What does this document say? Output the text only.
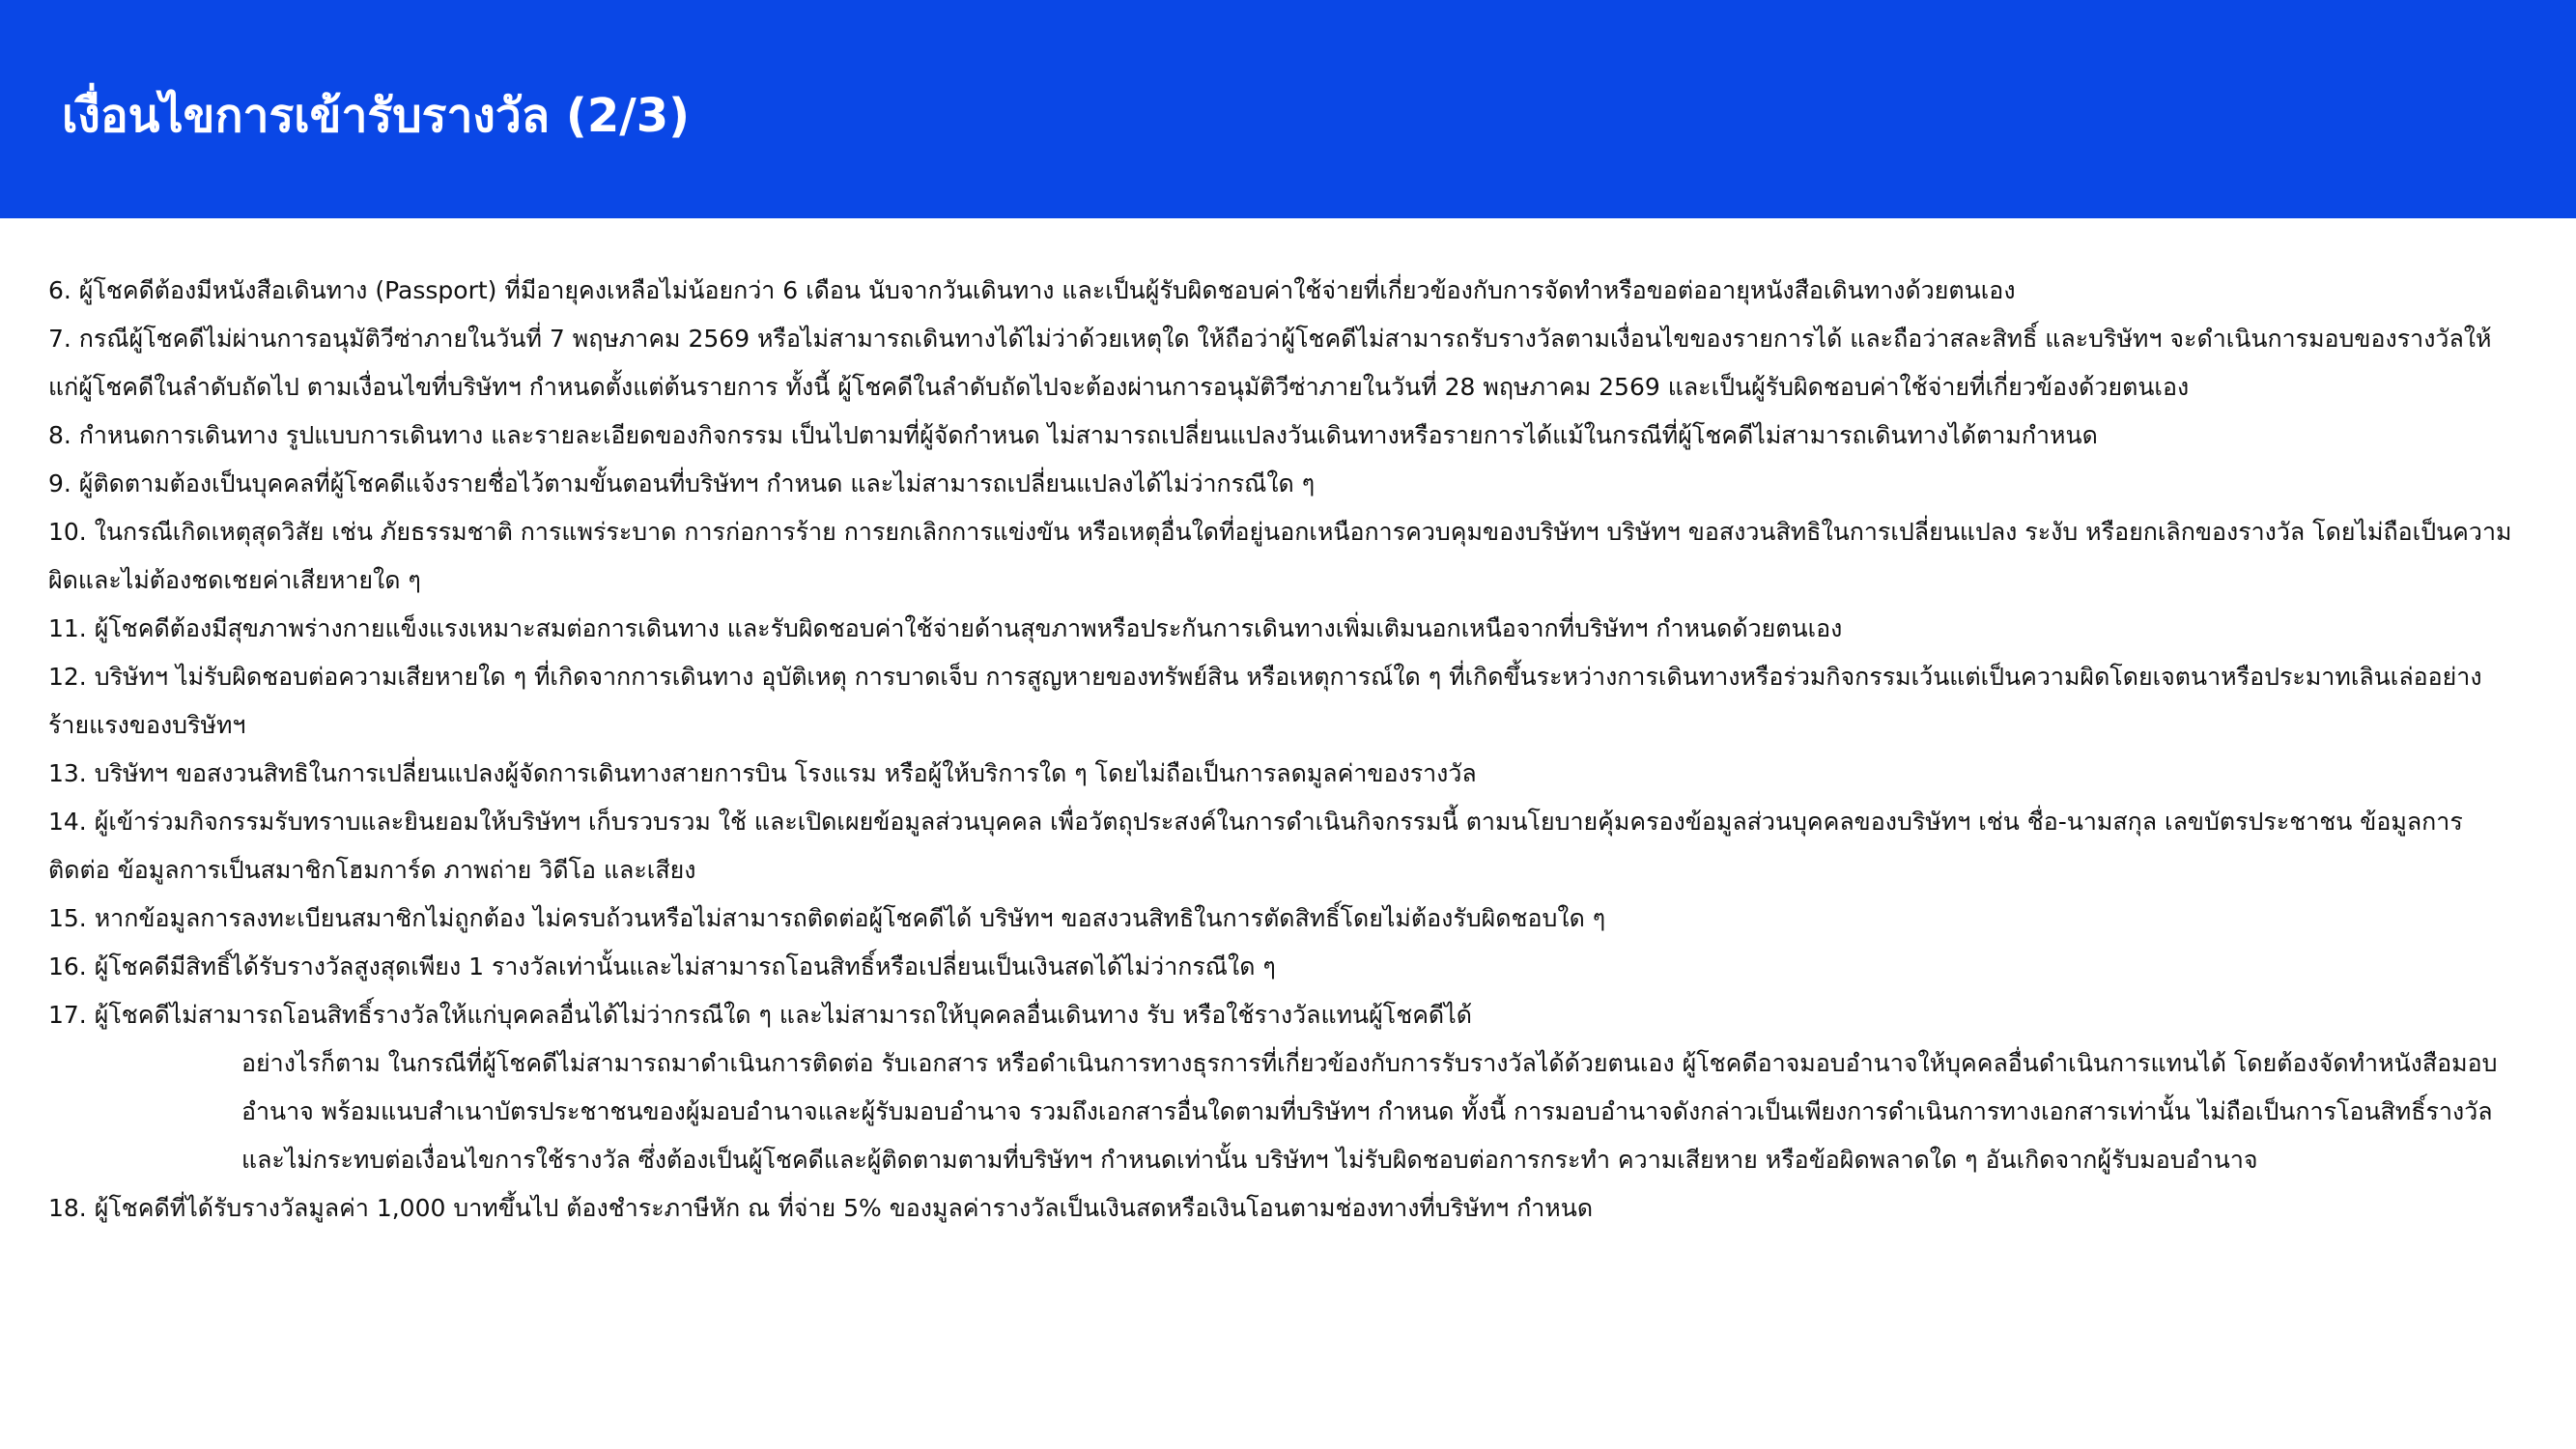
เงื่อนไขการเข้ารับรางวัล (2/3)

6. ผู้โชคดีต้องมีหนังสือเดินทาง (Passport) ที่มีอายุคงเหลือไม่น้อยกว่า 6 เดือน นับจากวันเดินทาง และเป็นผู้รับผิดชอบค่าใช้จ่ายที่เกี่ยวข้องกับการจัดทำหรือขอต่ออายุหนังสือเดินทางด้วยตนเอง

7. กรณีผู้โชคดีไม่ผ่านการอนุมัติวีซ่าภายในวันที่ 7 พฤษภาคม 2569 หรือไม่สามารถเดินทางได้ไม่ว่าด้วยเหตุใด ให้ถือว่าผู้โชคดีไม่สามารถรับรางวัลตามเงื่อนไขของรายการได้ และถือว่าสละสิทธิ์ และบริษัทฯ จะดำเนินการมอบของรางวัลให้แก่ผู้โชคดีในลำดับถัดไป ตามเงื่อนไขที่บริษัทฯ กำหนดตั้งแต่ต้นรายการ ทั้งนี้ ผู้โชคดีในลำดับถัดไปจะต้องผ่านการอนุมัติวีซ่าภายในวันที่ 28 พฤษภาคม 2569 และเป็นผู้รับผิดชอบค่าใช้จ่ายที่เกี่ยวข้องด้วยตนเอง

8. กำหนดการเดินทาง รูปแบบการเดินทาง และรายละเอียดของกิจกรรม เป็นไปตามที่ผู้จัดกำหนด ไม่สามารถเปลี่ยนแปลงวันเดินทางหรือรายการได้แม้ในกรณีที่ผู้โชคดีไม่สามารถเดินทางได้ตามกำหนด

9. ผู้ติดตามต้องเป็นบุคคลที่ผู้โชคดีแจ้งรายชื่อไว้ตามขั้นตอนที่บริษัทฯ กำหนด และไม่สามารถเปลี่ยนแปลงได้ไม่ว่ากรณีใด ๆ

10. ในกรณีเกิดเหตุสุดวิสัย เช่น ภัยธรรมชาติ การแพร่ระบาด การก่อการร้าย การยกเลิกการแข่งขัน หรือเหตุอื่นใดที่อยู่นอกเหนือการควบคุมของบริษัทฯ บริษัทฯ ขอสงวนสิทธิในการเปลี่ยนแปลง ระงับ หรือยกเลิกของรางวัล โดยไม่ถือเป็นความผิดและไม่ต้องชดเชยค่าเสียหายใด ๆ

11. ผู้โชคดีต้องมีสุขภาพร่างกายแข็งแรงเหมาะสมต่อการเดินทาง และรับผิดชอบค่าใช้จ่ายด้านสุขภาพหรือประกันการเดินทางเพิ่มเติมนอกเหนือจากที่บริษัทฯ กำหนดด้วยตนเอง

12. บริษัทฯ ไม่รับผิดชอบต่อความเสียหายใด ๆ ที่เกิดจากการเดินทาง อุบัติเหตุ การบาดเจ็บ การสูญหายของทรัพย์สิน หรือเหตุการณ์ใด ๆ ที่เกิดขึ้นระหว่างการเดินทางหรือร่วมกิจกรรมเว้นแต่เป็นความผิดโดยเจตนาหรือประมาทเลินเล่ออย่างร้ายแรงของบริษัทฯ

13. บริษัทฯ ขอสงวนสิทธิในการเปลี่ยนแปลงผู้จัดการเดินทางสายการบิน โรงแรม หรือผู้ให้บริการใด ๆ โดยไม่ถือเป็นการลดมูลค่าของรางวัล

14. ผู้เข้าร่วมกิจกรรมรับทราบและยินยอมให้บริษัทฯ เก็บรวบรวม ใช้ และเปิดเผยข้อมูลส่วนบุคคล เพื่อวัตถุประสงค์ในการดำเนินกิจกรรมนี้ ตามนโยบายคุ้มครองข้อมูลส่วนบุคคลของบริษัทฯ เช่น ชื่อ-นามสกุล เลขบัตรประชาชน ข้อมูลการติดต่อ ข้อมูลการเป็นสมาชิกโฮมการ์ด ภาพถ่าย วิดีโอ และเสียง

15. หากข้อมูลการลงทะเบียนสมาชิกไม่ถูกต้อง ไม่ครบถ้วนหรือไม่สามารถติดต่อผู้โชคดีได้ บริษัทฯ ขอสงวนสิทธิในการตัดสิทธิ์โดยไม่ต้องรับผิดชอบใด ๆ

16. ผู้โชคดีมีสิทธิ์ได้รับรางวัลสูงสุดเพียง 1 รางวัลเท่านั้นและไม่สามารถโอนสิทธิ์หรือเปลี่ยนเป็นเงินสดได้ไม่ว่ากรณีใด ๆ

17. ผู้โชคดีไม่สามารถโอนสิทธิ์รางวัลให้แก่บุคคลอื่นได้ไม่ว่ากรณีใด ๆ และไม่สามารถให้บุคคลอื่นเดินทาง รับ หรือใช้รางวัลแทนผู้โชคดีได้

อย่างไรก็ตาม ในกรณีที่ผู้โชคดีไม่สามารถมาดำเนินการติดต่อ รับเอกสาร หรือดำเนินการทางธุรการที่เกี่ยวข้องกับการรับรางวัลได้ด้วยตนเอง ผู้โชคดีอาจมอบอำนาจให้บุคคลอื่นดำเนินการแทนได้ โดยต้องจัดทำหนังสือมอบอำนาจ พร้อมแนบสำเนาบัตรประชาชนของผู้มอบอำนาจและผู้รับมอบอำนาจ รวมถึงเอกสารอื่นใดตามที่บริษัทฯ กำหนด ทั้งนี้ การมอบอำนาจดังกล่าวเป็นเพียงการดำเนินการทางเอกสารเท่านั้น ไม่ถือเป็นการโอนสิทธิ์รางวัล และไม่กระทบต่อเงื่อนไขการใช้รางวัล ซึ่งต้องเป็นผู้โชคดีและผู้ติดตามตามที่บริษัทฯ กำหนดเท่านั้น บริษัทฯ ไม่รับผิดชอบต่อการกระทำ ความเสียหาย หรือข้อผิดพลาดใด ๆ อันเกิดจากผู้รับมอบอำนาจ

18. ผู้โชคดีที่ได้รับรางวัลมูลค่า 1,000 บาทขึ้นไป ต้องชำระภาษีหัก ณ ที่จ่าย 5% ของมูลค่ารางวัลเป็นเงินสดหรือเงินโอนตามช่องทางที่บริษัทฯ กำหนด
